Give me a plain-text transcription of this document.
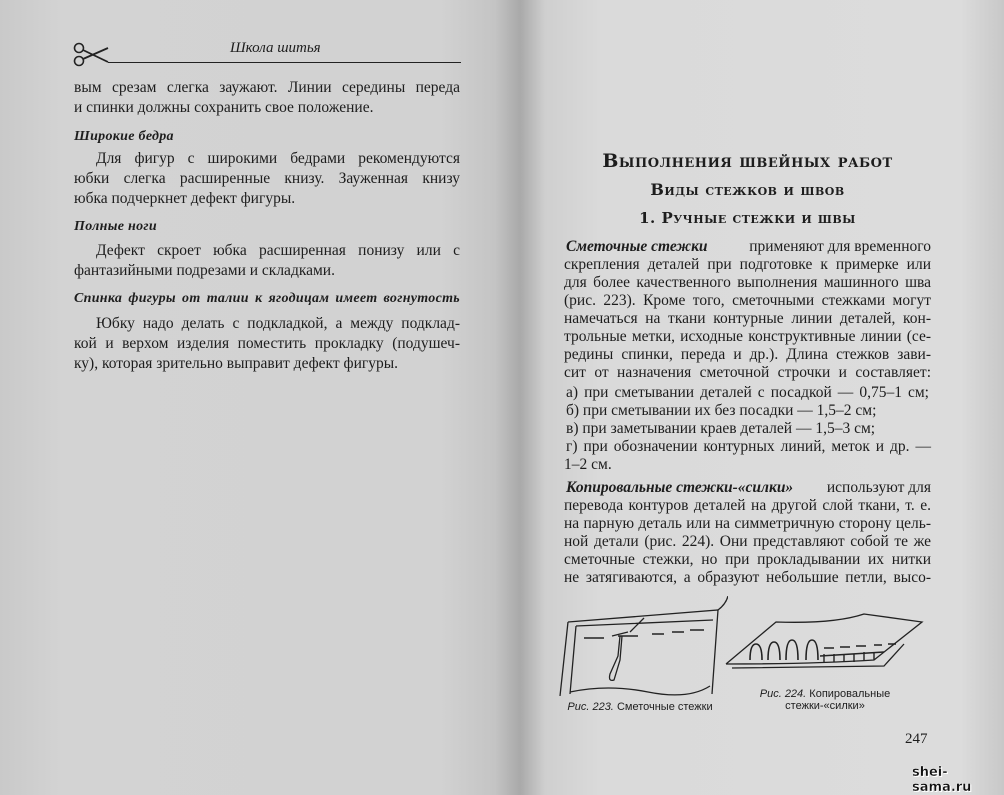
Школа шитья
вым срезам слегка заужают. Линии середины переда
и спинки должны сохранить свое положение.
Широкие бедра
Для фигур с широкими бедрами рекомендуются
юбки слегка расширенные книзу. Зауженная книзу
юбка подчеркнет дефект фигуры.
Полные ноги
Дефект скроет юбка расширенная понизу или с
фантазийными подрезами и складками.
Спинка фигуры от талии к ягодицам имеет вогнутость
Юбку надо делать с подкладкой, а между подклад-
кой и верхом изделия поместить прокладку (подушеч-
ку), которая зрительно выправит дефект фигуры.
Выполнения швейных работ
Виды стежков и швов
1. Ручные стежки и швы
Сметочные стежки	применяют для временного
скрепления деталей при подготовке к примерке или
для более качественного выполнения машинного шва
(рис. 223). Кроме того, сметочными стежками могут
намечаться на ткани контурные линии деталей, кон-
трольные метки, исходные конструктивные линии (се-
редины спинки, переда и др.). Длина стежков зави-
сит от назначения сметочной строчки и составляет:
а) при сметывании деталей с посадкой — 0,75–1 см;
б) при сметывании их без посадки — 1,5–2 см;
в) при заметывании краев деталей — 1,5–3 см;
г) при обозначении контурных линий, меток и др. —
1–2 см.
Копировальные стежки-«силки» используют для
перевода контуров деталей на другой слой ткани, т. е.
на парную деталь или на симметричную сторону цель-
ной детали (рис. 224). Они представляют собой те же
сметочные стежки, но при прокладывании их нитки
не затягиваются, а образуют небольшие петли, высо-
Рис. 223. Сметочные стежки
Рис. 224. Копировальные
стежки-«силки»
247
shei-sama.ru
